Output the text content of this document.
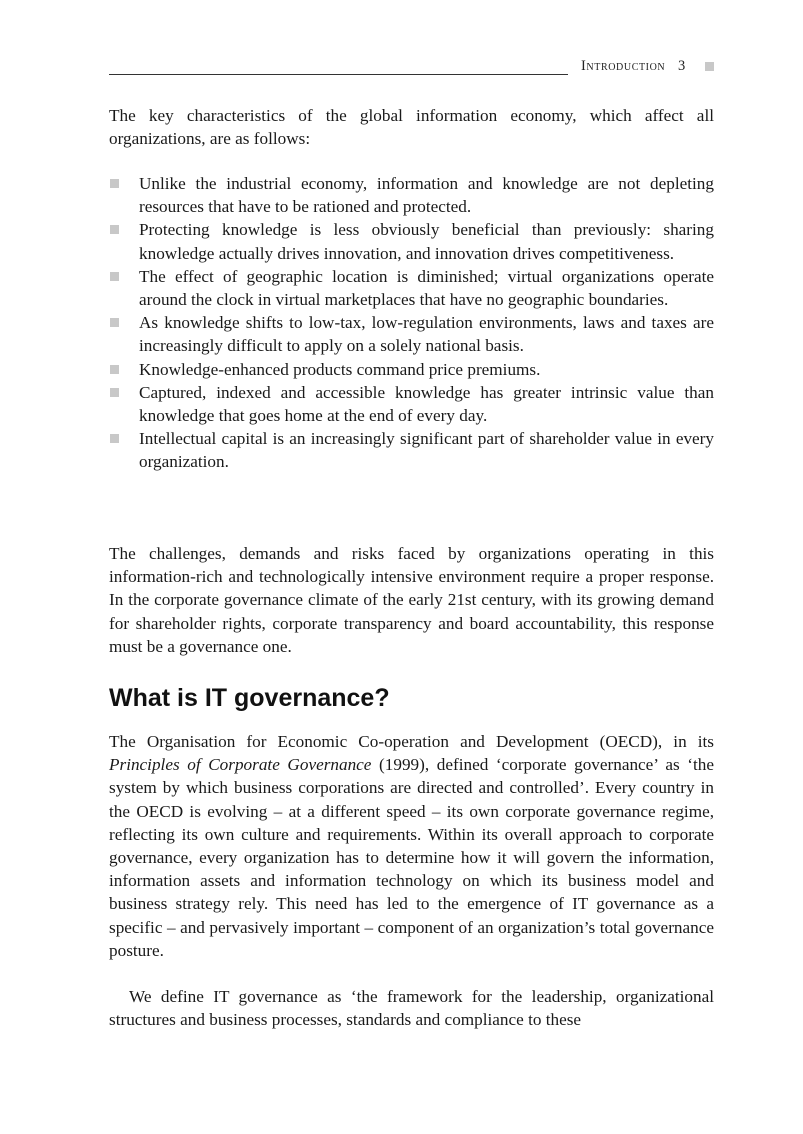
Introduction 3

The key characteristics of the global information economy, which affect all organizations, are as follows:

Unlike the industrial economy, information and knowledge are not depleting resources that have to be rationed and protected.
Protecting knowledge is less obviously beneficial than previously: sharing knowledge actually drives innovation, and innovation drives competitiveness.
The effect of geographic location is diminished; virtual organizations operate around the clock in virtual marketplaces that have no geographic boundaries.
As knowledge shifts to low-tax, low-regulation environments, laws and taxes are increasingly difficult to apply on a solely national basis.
Knowledge-enhanced products command price premiums.
Captured, indexed and accessible knowledge has greater intrinsic value than knowledge that goes home at the end of every day.
Intellectual capital is an increasingly significant part of shareholder value in every organization.

The challenges, demands and risks faced by organizations operating in this information-rich and technologically intensive environment require a proper response. In the corporate governance climate of the early 21st century, with its growing demand for shareholder rights, corporate transparency and board accountability, this response must be a governance one.

What is IT governance?

The Organisation for Economic Co-operation and Development (OECD), in its Principles of Corporate Governance (1999), defined ‘corporate governance’ as ‘the system by which business corporations are directed and controlled’. Every country in the OECD is evolving – at a different speed – its own corporate governance regime, reflecting its own culture and requirements. Within its overall approach to corporate governance, every organization has to determine how it will govern the information, information assets and information technology on which its business model and business strategy rely. This need has led to the emergence of IT governance as a specific – and pervasively important – component of an organization’s total governance posture.

We define IT governance as ‘the framework for the leadership, organizational structures and business processes, standards and compliance to these
